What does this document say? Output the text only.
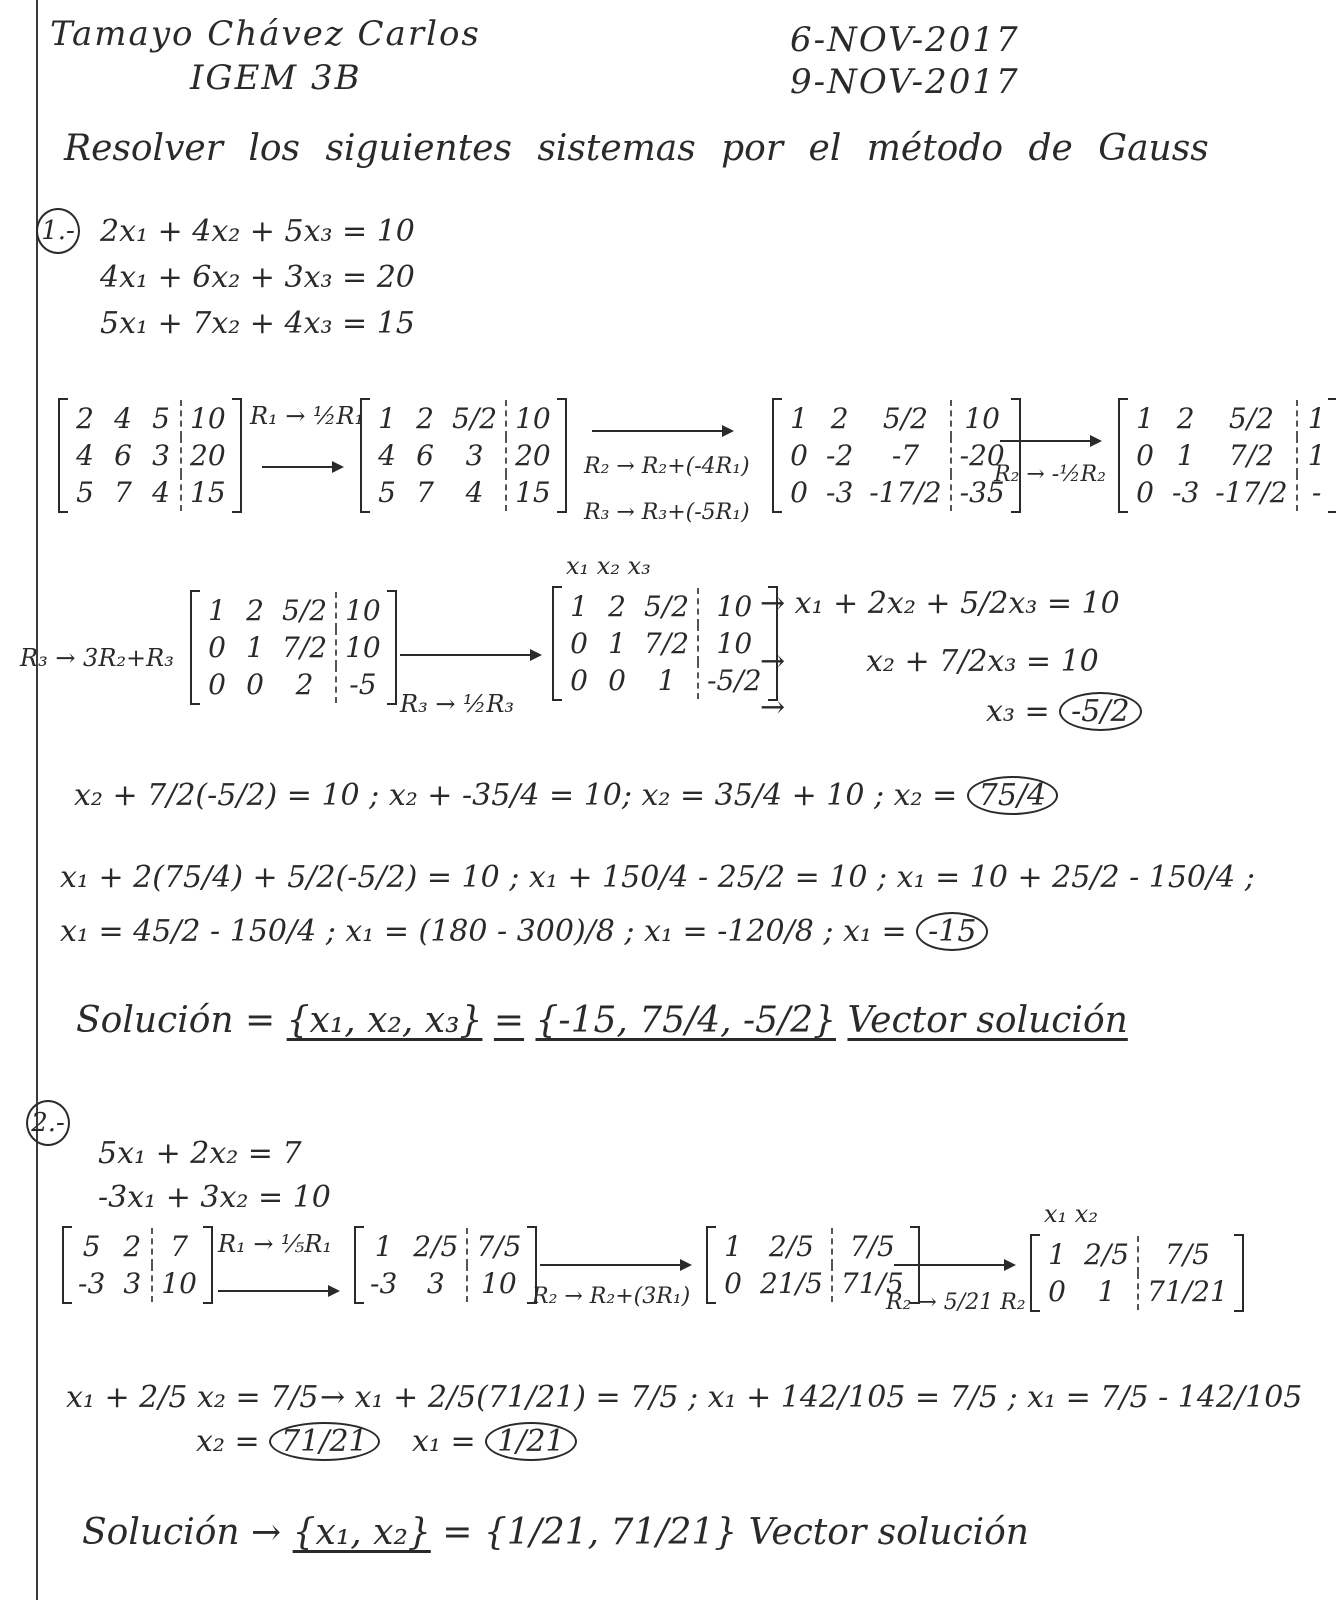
Tamayo Chávez Carlos
IGEM 3B
6-NOV-2017
9-NOV-2017
Resolver los siguientes sistemas por el método de Gauss
1.- 2x₁ + 4x₂ + 5x₃ = 10
4x₁ + 6x₂ + 3x₃ = 20
5x₁ + 7x₂ + 4x₃ = 15
2	4	5	10
4	6	3	20
5	7	4	15
R₁ → ½R₁ 1	2	5/2	10
4	6	3	20
5	7	4	15
R₂ → R₂+(-4R₁)
R₃ → R₃+(-5R₁)
1	2	5/2	10
0	-2	-7	-20
0	-3	-17/2	-35
R₂ → -½R₂
1	2	5/2	1
0	1	7/2	1
0	-3	-17/2	-
R₃ → 3R₂+R₃
1	2	5/2	10
0	1	7/2	10
0	0	2	-5
R₃ → ½R₃
x₁ x₂ x₃
1	2	5/2	10
0	1	7/2	10
0	0	1	-5/2
→ x₁ + 2x₂ + 5/2x₃ = 10
→	x₂ + 7/2x₃ = 10
→	x₃ = -5/2
x₂ + 7/2(-5/2) = 10 ; x₂ + -35/4 = 10; x₂ = 35/4 + 10 ; x₂ = 75/4
x₁ + 2(75/4) + 5/2(-5/2) = 10 ; x₁ + 150/4 - 25/2 = 10 ; x₁ = 10 + 25/2 - 150/4 ;
x₁ = 45/2 - 150/4 ; x₁ = (180 - 300)/8 ; x₁ = -120/8 ; x₁ = -15
Solución = {x₁, x₂, x₃} = {-15, 75/4, -5/2} Vector solución
2.-
5x₁ + 2x₂ = 7
-3x₁ + 3x₂ = 10
5	2	7
-3	3	10
R₁ → ⅕R₁ 1	2/5	7/5
-3	3	10 R₂ → R₂+(3R₁)
1	2/5	7/5
0	21/5	71/5
R₂ → 5/21 R₂
x₁ x₂
1	2/5	7/5
0	1	71/21
x₁ + 2/5 x₂ = 7/5 → x₁ + 2/5(71/21) = 7/5 ; x₁ + 142/105 = 7/5 ; x₁ = 7/5 - 142/105
x₂ = 71/21	x₁ = 1/21
Solución → {x₁, x₂} = {1/21, 71/21} Vector solución
